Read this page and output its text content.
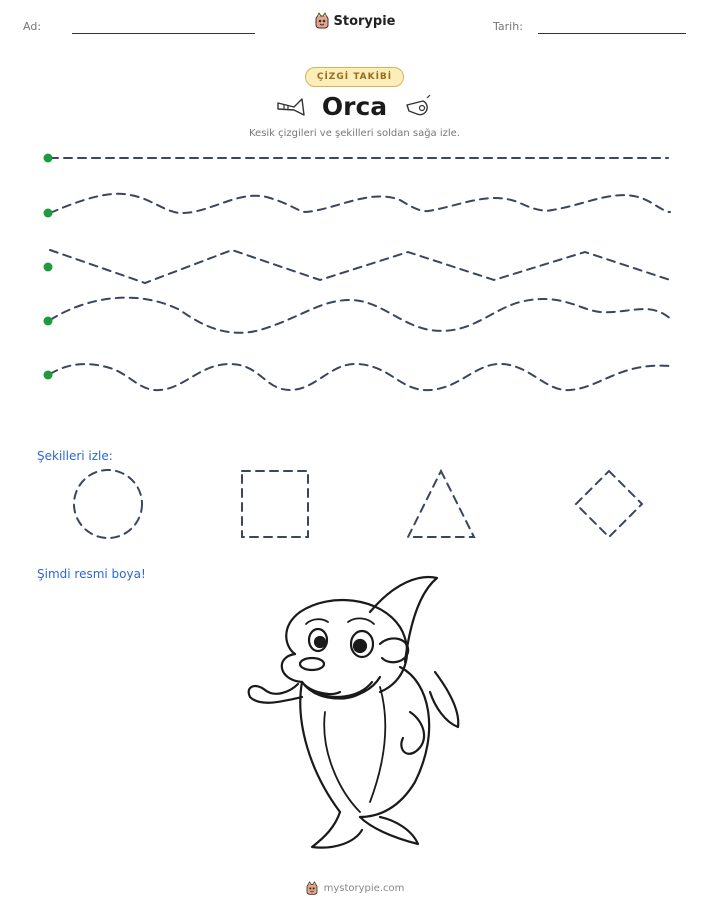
Ad:	Tarih:
Storypie
ÇİZGİ TAKİBİ
Orca
Kesik çizgileri ve şekilleri soldan sağa izle.
Şekilleri izle:
Şimdi resmi boya!
mystorypie.com
